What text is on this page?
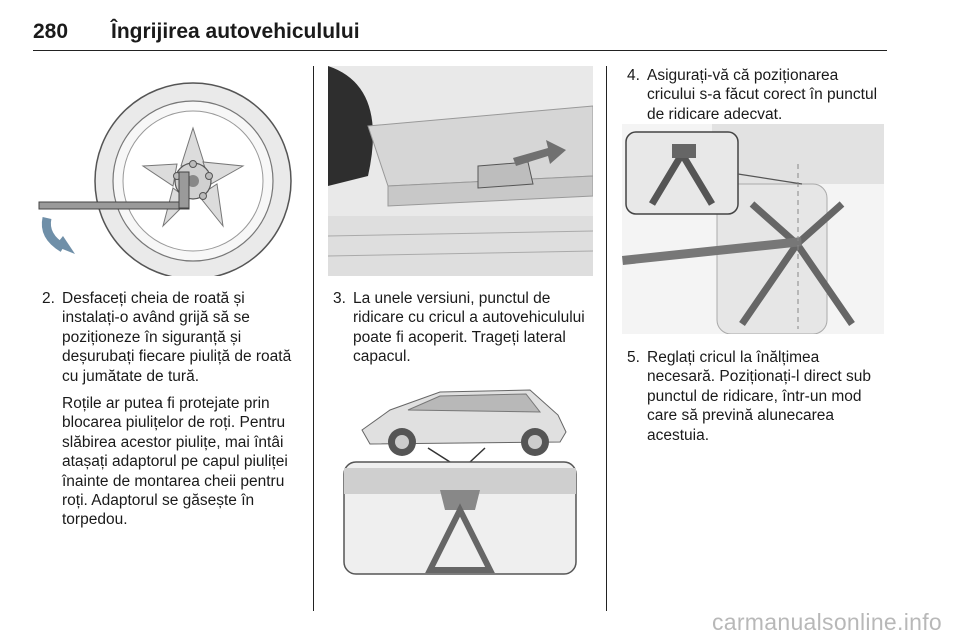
280 Îngrijirea autovehiculului
2. Desfaceți cheia de roată și instalați-o având grijă să se poziționeze în siguranță și deșurubați fiecare piuliță de roată cu jumătate de tură.
Roțile ar putea fi protejate prin blocarea piulițelor de roți. Pentru slăbirea acestor piulițe, mai întâi atașați adaptorul pe capul piuliței înainte de montarea cheii pentru roți. Adaptorul se găsește în torpedou.
3. La unele versiuni, punctul de ridicare cu cricul a autovehiculului poate fi acoperit. Trageți lateral capacul.
4. Asigurați-vă că poziționarea cricului s-a făcut corect în punctul de ridicare adecvat.
5. Reglați cricul la înălțimea necesară. Poziționați-l direct sub punctul de ridicare, într-un mod care să prevină alunecarea acestuia.
carmanualsonline.info
